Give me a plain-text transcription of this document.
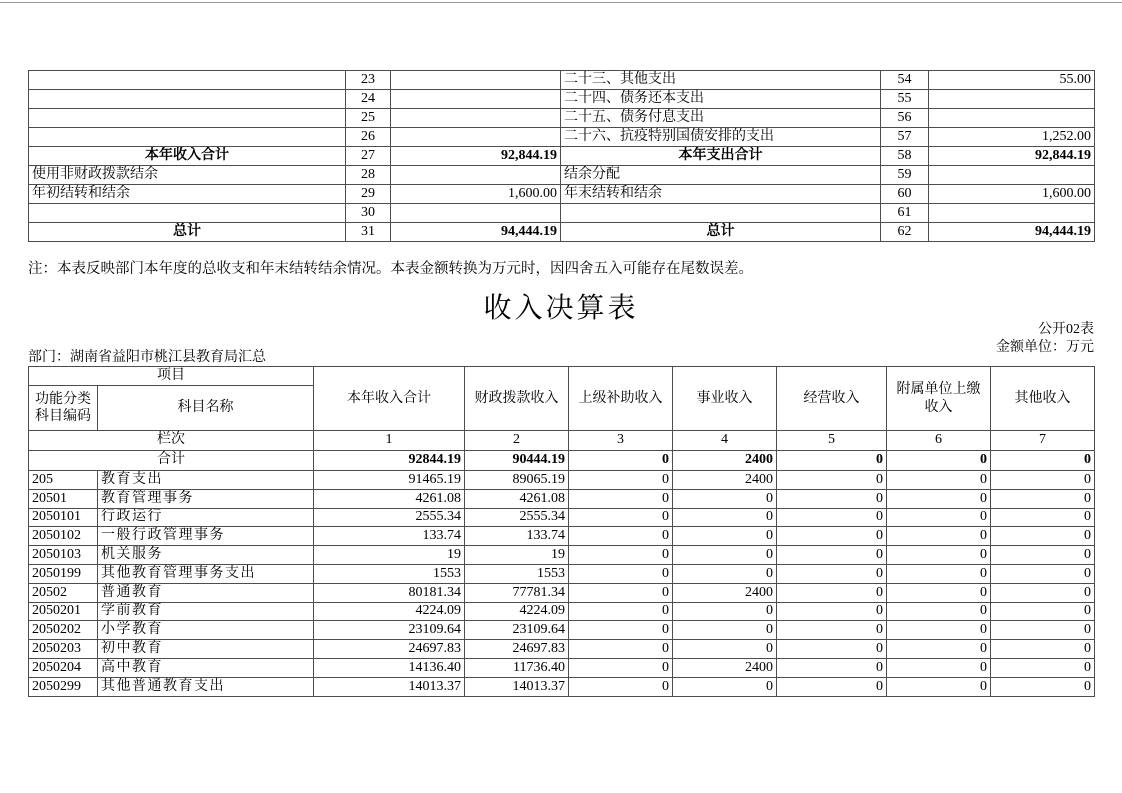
	23		二十三、其他支出	54	55.00
	24		二十四、债务还本支出	55	
	25		二十五、债务付息支出	56	
	26		二十六、抗疫特别国债安排的支出	57	1,252.00
本年收入合计	27	92,844.19	本年支出合计	58	92,844.19
使用非财政拨款结余	28		结余分配	59	
年初结转和结余	29	1,600.00	年末结转和结余	60	1,600.00
	30			61	
总计	31	94,444.19	总计	62	94,444.19
注：本表反映部门本年度的总收支和年末结转结余情况。本表金额转换为万元时，因四舍五入可能存在尾数误差。
收入决算表
公开02表
金额单位：万元
部门：湖南省益阳市桃江县教育局汇总
项目		本年收入合计	财政拨款收入	上级补助收入	事业收入	经营收入	附属单位上缴收入	其他收入
功能分类科目编码	科目名称							
栏次		1	2	3	4	5	6	7
合计		92844.19	90444.19	0	2400	0	0	0
205	教育支出	91465.19	89065.19	0	2400	0	0	0
20501	教育管理事务	4261.08	4261.08	0	0	0	0	0
2050101	行政运行	2555.34	2555.34	0	0	0	0	0
2050102	一般行政管理事务	133.74	133.74	0	0	0	0	0
2050103	机关服务	19	19	0	0	0	0	0
2050199	其他教育管理事务支出	1553	1553	0	0	0	0	0
20502	普通教育	80181.34	77781.34	0	2400	0	0	0
2050201	学前教育	4224.09	4224.09	0	0	0	0	0
2050202	小学教育	23109.64	23109.64	0	0	0	0	0
2050203	初中教育	24697.83	24697.83	0	0	0	0	0
2050204	高中教育	14136.40	11736.40	0	2400	0	0	0
2050299	其他普通教育支出	14013.37	14013.37	0	0	0	0	0
